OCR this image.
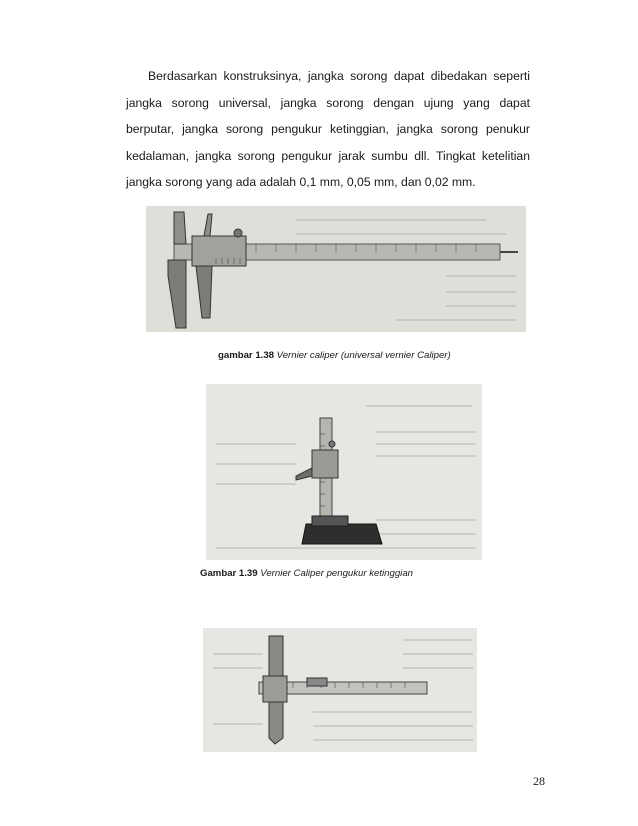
Berdasarkan konstruksinya, jangka sorong dapat dibedakan seperti jangka sorong universal, jangka sorong dengan ujung yang dapat berputar, jangka sorong pengukur ketinggian, jangka sorong penukur kedalaman, jangka sorong pengukur jarak sumbu dll. Tingkat ketelitian jangka sorong yang ada adalah 0,1 mm, 0,05 mm, dan 0,02 mm.

gambar 1.38 Vernier caliper (universal vernier Caliper)
Gambar 1.39 Vernier Caliper pengukur ketinggian
28
